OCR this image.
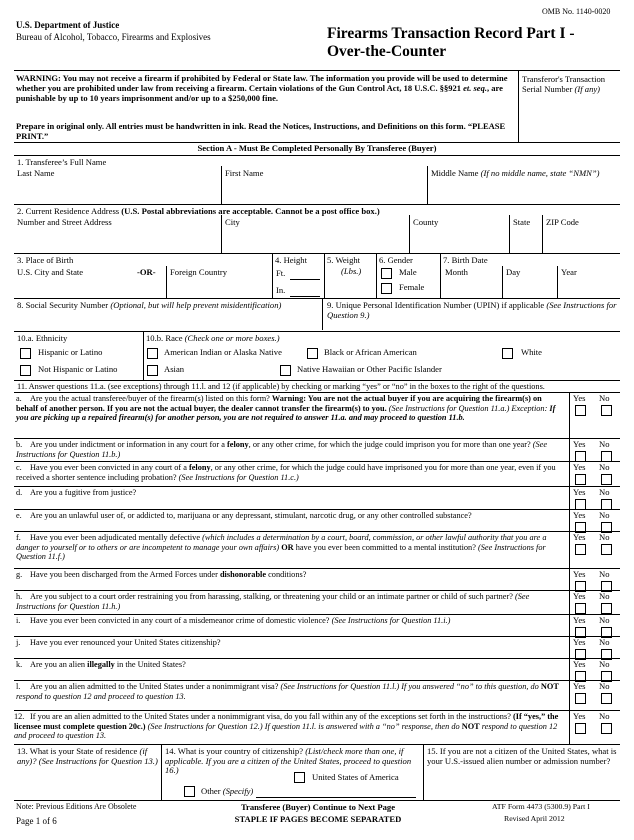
OMB No. 1140-0020
U.S. Department of Justice
Bureau of Alcohol, Tobacco, Firearms and Explosives	Firearms Transaction Record Part I -
Over-the-Counter
WARNING: You may not receive a firearm if prohibited by Federal or State law. The information you provide will be used to determine whether you are prohibited under law from receiving a firearm. Certain violations of the Gun Control Act, 18 U.S.C. §§921 et. seq., are punishable by up to 10 years imprisonment and/or up to a $250,000 fine.
Prepare in original only. All entries must be handwritten in ink. Read the Notices, Instructions, and Definitions on this form. “PLEASE PRINT.”
Transferor's Transaction Serial Number (If any)
Section A - Must Be Completed Personally By Transferee (Buyer)
1. Transferee’s Full Name
Last Name	First Name	Middle Name (If no middle name, state “NMN”)
2. Current Residence Address (U.S. Postal abbreviations are acceptable. Cannot be a post office box.)
Number and Street Address	City	County	State	ZIP Code
3. Place of Birth
U.S. City and State	-OR- Foreign Country
4. Height
Ft.
In.
5. Weight
(Lbs.)
6. Gender
Male
Female
7. Birth Date
Month	Day	Year
8. Social Security Number (Optional, but will help prevent misidentification)	9. Unique Personal Identification Number (UPIN) if applicable (See Instructions for Question 9.)
10.a. Ethnicity
Hispanic or Latino
Not Hispanic or Latino
10.b. Race (Check one or more boxes.)
American Indian or Alaska Native	Black or African American	White
Asian	Native Hawaiian or Other Pacific Islander
11. Answer questions 11.a. (see exceptions) through 11.l. and 12 (if applicable) by checking or marking “yes” or “no” in the boxes to the right of the questions.
a. Are you the actual transferee/buyer of the firearm(s) listed on this form? Warning: You are not the actual buyer if you are acquiring the firearm(s) on behalf of another person. If you are not the actual buyer, the dealer cannot transfer the firearm(s) to you. (See Instructions for Question 11.a.) Exception: If you are picking up a repaired firearm(s) for another person, you are not required to answer 11.a. and may proceed to question 11.b.
Yes No
b. Are you under indictment or information in any court for a felony, or any other crime, for which the judge could imprison you for more than one year? (See Instructions for Question 11.b.)
Yes No
c. Have you ever been convicted in any court of a felony, or any other crime, for which the judge could have imprisoned you for more than one year, even if you received a shorter sentence including probation? (See Instructions for Question 11.c.)
Yes No
d. Are you a fugitive from justice?	Yes No
e. Are you an unlawful user of, or addicted to, marijuana or any depressant, stimulant, narcotic drug, or any other controlled substance?	Yes No
f. Have you ever been adjudicated mentally defective (which includes a determination by a court, board, commission, or other lawful authority that you are a danger to yourself or to others or are incompetent to manage your own affairs) OR have you ever been committed to a mental institution? (See Instructions for Question 11.f.)
Yes No
g. Have you been discharged from the Armed Forces under dishonorable conditions?	Yes No
h. Are you subject to a court order restraining you from harassing, stalking, or threatening your child or an intimate partner or child of such partner? (See Instructions for Question 11.h.)
Yes No
i. Have you ever been convicted in any court of a misdemeanor crime of domestic violence? (See Instructions for Question 11.i.)	Yes No
j. Have you ever renounced your United States citizenship?	Yes No
k. Are you an alien illegally in the United States?	Yes No
l. Are you an alien admitted to the United States under a nonimmigrant visa? (See Instructions for Question 11.l.) If you answered “no” to this question, do NOT respond to question 12 and proceed to question 13.
Yes No
12. If you are an alien admitted to the United States under a nonimmigrant visa, do you fall within any of the exceptions set forth in the instructions? (If “yes,” the licensee must complete question 20c.) (See Instructions for Question 12.) If question 11.l. is answered with a “no” response, then do NOT respond to question 12 and proceed to question 13.
Yes No
13. What is your State of residence (if any)? (See Instructions for Question 13.)
14. What is your country of citizenship? (List/check more than one, if applicable. If you are a citizen of the United States, proceed to question 16.)
United States of America
Other (Specify)
15. If you are not a citizen of the United States, what is your U.S.-issued alien number or admission number?
Note: Previous Editions Are Obsolete
Page 1 of 6
Transferee (Buyer) Continue to Next Page
STAPLE IF PAGES BECOME SEPARATED
ATF Form 4473 (5300.9) Part I
Revised April 2012
